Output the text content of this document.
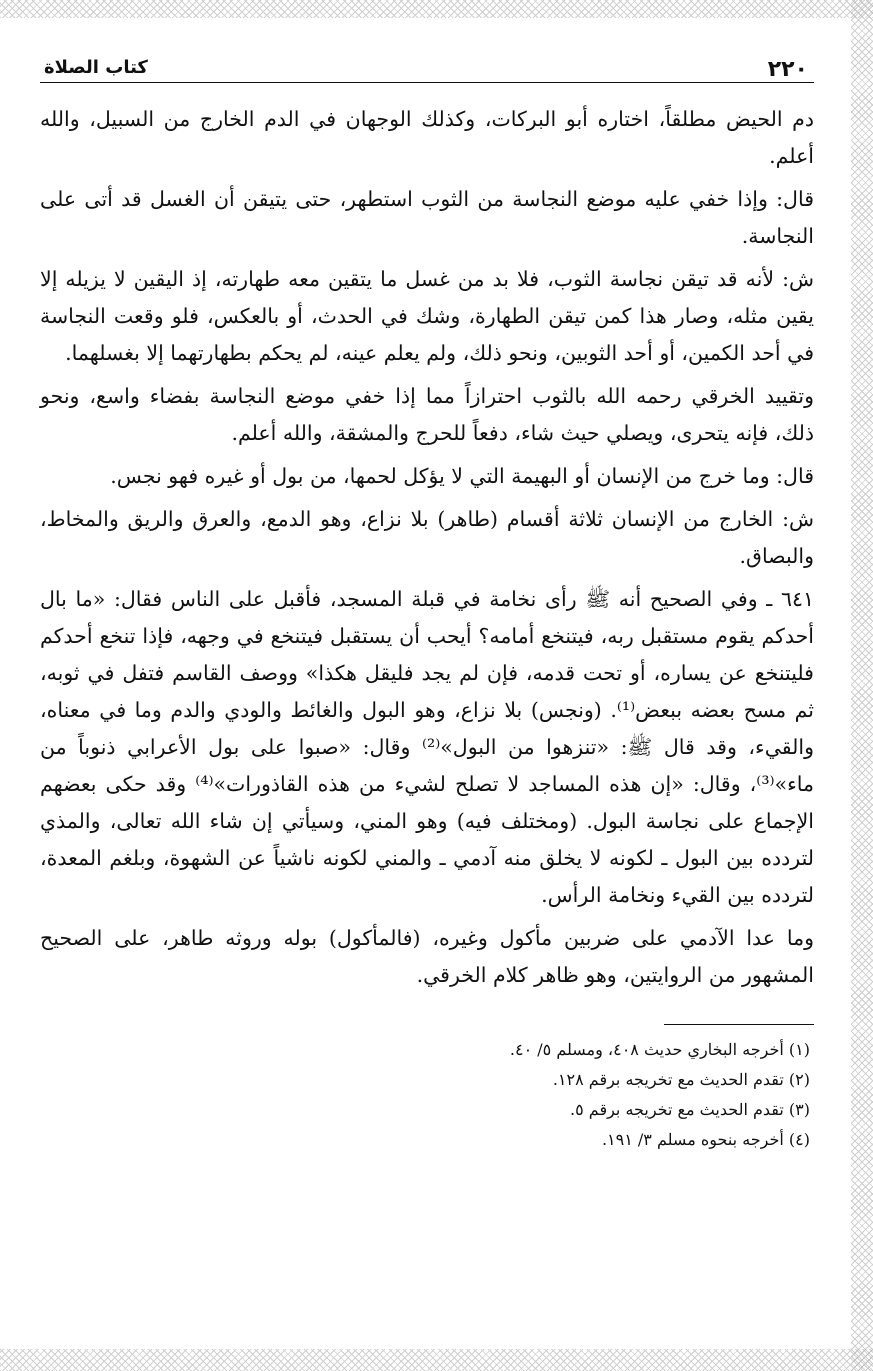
٢٢٠
كتاب الصلاة

دم الحيض مطلقاً، اختاره أبو البركات، وكذلك الوجهان في الدم الخارج من السبيل، والله أعلم.

قال: وإذا خفي عليه موضع النجاسة من الثوب استطهر، حتى يتيقن أن الغسل قد أتى على النجاسة.

ش: لأنه قد تيقن نجاسة الثوب، فلا بد من غسل ما يتقين معه طهارته، إذ اليقين لا يزيله إلا يقين مثله، وصار هذا كمن تيقن الطهارة، وشك في الحدث، أو بالعكس، فلو وقعت النجاسة في أحد الكمين، أو أحد الثوبين، ونحو ذلك، ولم يعلم عينه، لم يحكم بطهارتهما إلا بغسلهما.

وتقييد الخرقي رحمه الله بالثوب احترازاً مما إذا خفي موضع النجاسة بفضاء واسع، ونحو ذلك، فإنه يتحرى، ويصلي حيث شاء، دفعاً للحرج والمشقة، والله أعلم.

قال: وما خرج من الإنسان أو البهيمة التي لا يؤكل لحمها، من بول أو غيره فهو نجس.

ش: الخارج من الإنسان ثلاثة أقسام (طاهر) بلا نزاع، وهو الدمع، والعرق والريق والمخاط، والبصاق.

٦٤١ ـ وفي الصحيح أنه ﷺ رأى نخامة في قبلة المسجد، فأقبل على الناس فقال: «ما بال أحدكم يقوم مستقبل ربه، فيتنخع أمامه؟ أيحب أن يستقبل فيتنخع في وجهه، فإذا تنخع أحدكم فليتنخع عن يساره، أو تحت قدمه، فإن لم يجد فليقل هكذا» ووصف القاسم فتفل في ثوبه، ثم مسح بعضه ببعض⁽¹⁾. (ونجس) بلا نزاع، وهو البول والغائط والودي والدم وما في معناه، والقيء، وقد قال ﷺ: «تنزهوا من البول»⁽²⁾ وقال: «صبوا على بول الأعرابي ذنوباً من ماء»⁽³⁾، وقال: «إن هذه المساجد لا تصلح لشيء من هذه القاذورات»⁽⁴⁾ وقد حكى بعضهم الإجماع على نجاسة البول. (ومختلف فيه) وهو المني، وسيأتي إن شاء الله تعالى، والمذي لتردده بين البول ـ لكونه لا يخلق منه آدمي ـ والمني لكونه ناشياً عن الشهوة، وبلغم المعدة، لتردده بين القيء ونخامة الرأس.

وما عدا الآدمي على ضربين مأكول وغيره، (فالمأكول) بوله وروثه طاهر، على الصحيح المشهور من الروايتين، وهو ظاهر كلام الخرقي.

(١) أخرجه البخاري حديث ٤٠٨، ومسلم ٥/ ٤٠.

(٢) تقدم الحديث مع تخريجه برقم ١٢٨.

(٣) تقدم الحديث مع تخريجه برقم ٥.

(٤) أخرجه بنحوه مسلم ٣/ ١٩١.
